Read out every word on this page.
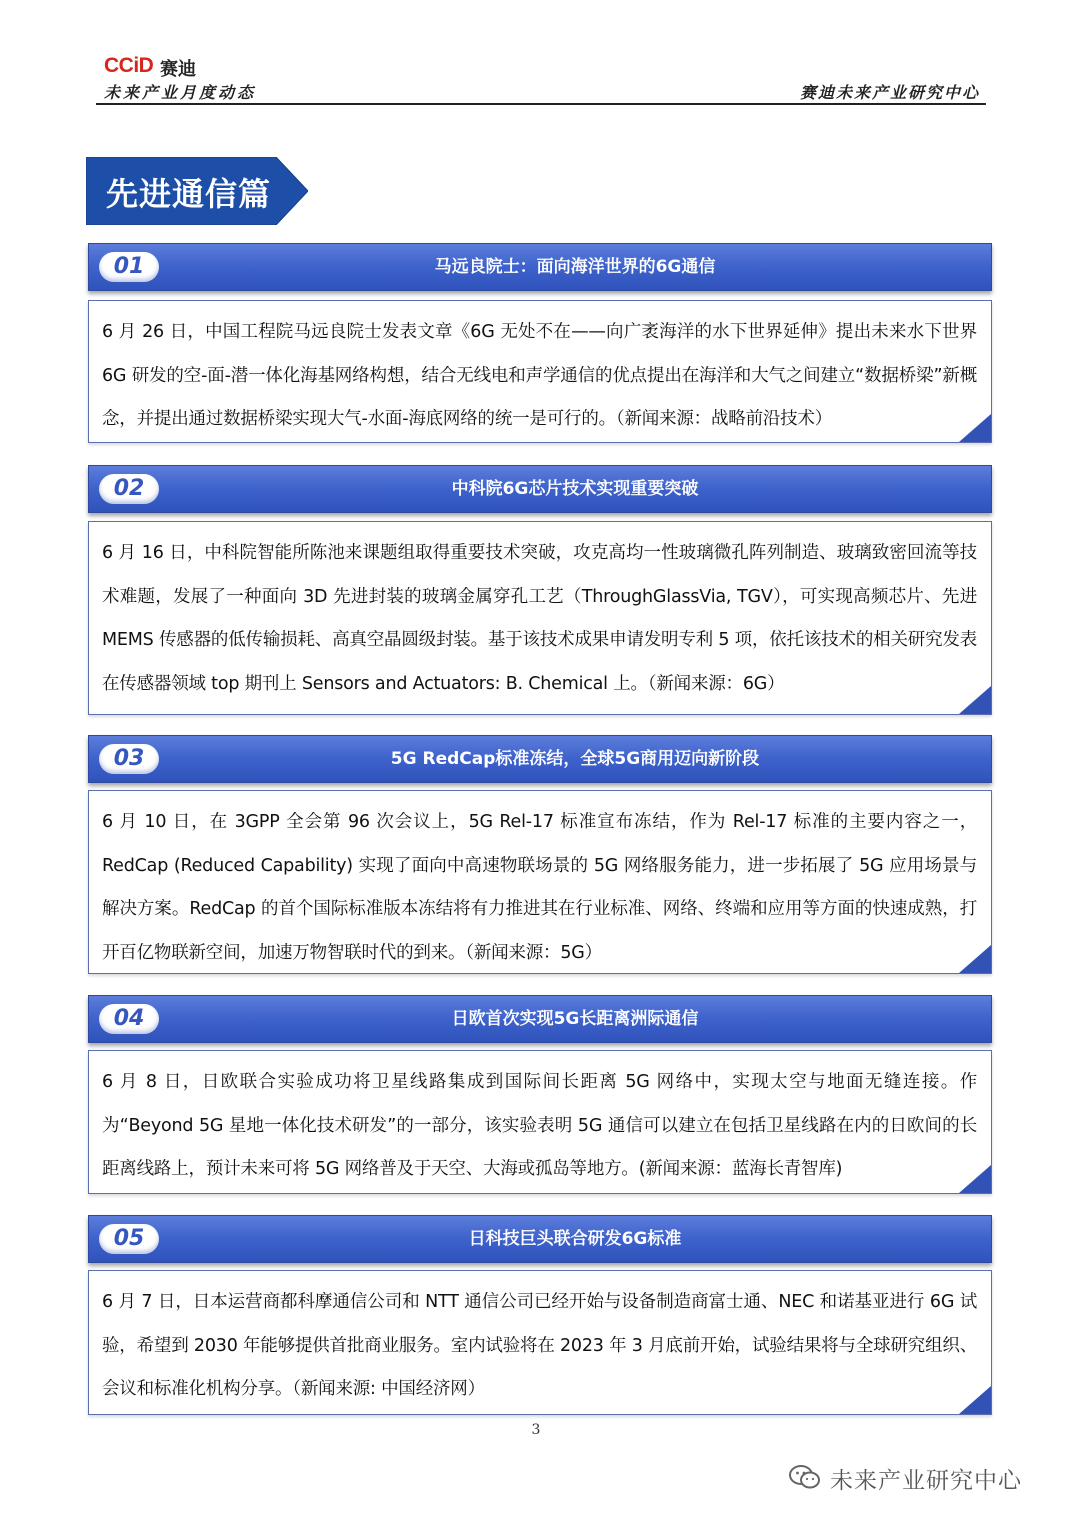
CCiD 赛迪
未来产业月度动态	赛迪未来产业研究中心
先进通信篇
01	马远良院士：面向海洋世界的6G通信

6 月 26 日，中国工程院马远良院士发表文章《6G 无处不在——向广袤海洋的水下世界延伸》提出未来水下世界 6G 研发的空-面-潜一体化海基网络构想，结合无线电和声学通信的优点提出在海洋和大气之间建立“数据桥梁”新概念，并提出通过数据桥梁实现大气-水面-海底网络的统一是可行的。（新闻来源：战略前沿技术）

02	中科院6G芯片技术实现重要突破

6 月 16 日，中科院智能所陈池来课题组取得重要技术突破，攻克高均一性玻璃微孔阵列制造、玻璃致密回流等技术难题，发展了一种面向 3D 先进封装的玻璃金属穿孔工艺（ThroughGlassVia, TGV），可实现高频芯片、先进 MEMS 传感器的低传输损耗、高真空晶圆级封装。基于该技术成果申请发明专利 5 项，依托该技术的相关研究发表在传感器领域 top 期刊上 Sensors and Actuators: B. Chemical 上。（新闻来源：6G）

03	5G RedCap标准冻结，全球5G商用迈向新阶段

6 月 10 日，在 3GPP 全会第 96 次会议上，5G Rel-17 标准宣布冻结，作为 Rel-17 标准的主要内容之一，RedCap (Reduced Capability) 实现了面向中高速物联场景的 5G 网络服务能力，进一步拓展了 5G 应用场景与解决方案。RedCap 的首个国际标准版本冻结将有力推进其在行业标准、网络、终端和应用等方面的快速成熟，打开百亿物联新空间，加速万物智联时代的到来。（新闻来源：5G）

04	日欧首次实现5G长距离洲际通信

6 月 8 日，日欧联合实验成功将卫星线路集成到国际间长距离 5G 网络中，实现太空与地面无缝连接。作为“Beyond 5G 星地一体化技术研发”的一部分，该实验表明 5G 通信可以建立在包括卫星线路在内的日欧间的长距离线路上，预计未来可将 5G 网络普及于天空、大海或孤岛等地方。(新闻来源：蓝海长青智库)

05	日科技巨头联合研发6G标准

6 月 7 日，日本运营商都科摩通信公司和 NTT 通信公司已经开始与设备制造商富士通、NEC 和诺基亚进行 6G 试验，希望到 2030 年能够提供首批商业服务。室内试验将在 2023 年 3 月底前开始，试验结果将与全球研究组织、会议和标准化机构分享。（新闻来源: 中国经济网）

3
未来产业研究中心
